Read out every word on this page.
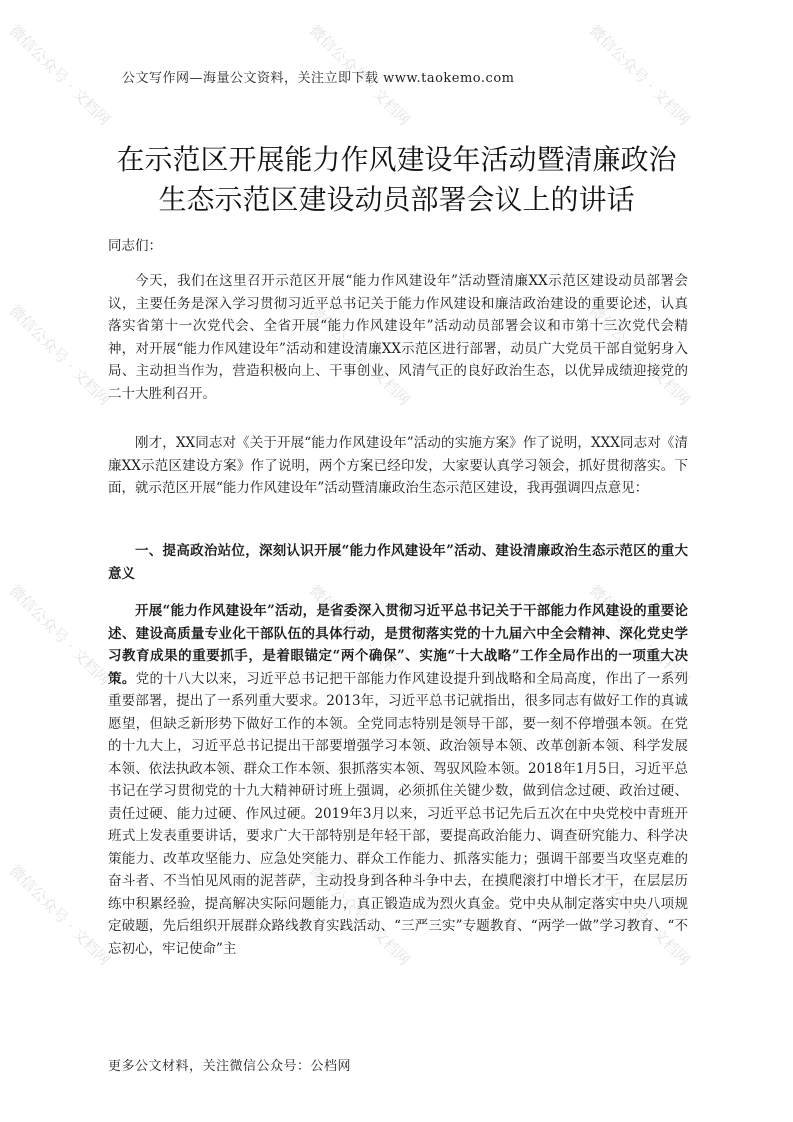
微信公众号 · 文档网	微信公众号 · 文档网	微信公众号 · 文档网
微信公众号 · 文档网	微信公众号 · 文档网	微信公众号 · 文档网
微信公众号 · 文档网	微信公众号 · 文档网	微信公众号 · 文档网
微信公众号 · 文档网	微信公众号 · 文档网	微信公众号 · 文档网
公文写作网—海量公文资料，关注立即下载 www.taokemo.com
在示范区开展能力作风建设年活动暨清廉政治
生态示范区建设动员部署会议上的讲话
同志们：

今天，我们在这里召开示范区开展“能力作风建设年”活动暨清廉XX示范区建设动员部署会议，主要任务是深入学习贯彻习近平总书记关于能力作风建设和廉洁政治建设的重要论述，认真落实省第十一次党代会、全省开展“能力作风建设年”活动动员部署会议和市第十三次党代会精神，对开展“能力作风建设年”活动和建设清廉XX示范区进行部署，动员广大党员干部自觉躬身入局、主动担当作为，营造积极向上、干事创业、风清气正的良好政治生态，以优异成绩迎接党的二十大胜利召开。

刚才，XX同志对《关于开展“能力作风建设年”活动的实施方案》作了说明，XXX同志对《清廉XX示范区建设方案》作了说明，两个方案已经印发，大家要认真学习领会，抓好贯彻落实。下面，就示范区开展“能力作风建设年”活动暨清廉政治生态示范区建设，我再强调四点意见：

一、提高政治站位，深刻认识开展“能力作风建设年”活动、建设清廉政治生态示范区的重大意义

开展“能力作风建设年”活动，是省委深入贯彻习近平总书记关于干部能力作风建设的重要论述、建设高质量专业化干部队伍的具体行动，是贯彻落实党的十九届六中全会精神、深化党史学习教育成果的重要抓手，是着眼锚定“两个确保”、实施“十大战略”工作全局作出的一项重大决策。党的十八大以来，习近平总书记把干部能力作风建设提升到战略和全局高度，作出了一系列重要部署，提出了一系列重大要求。2013年，习近平总书记就指出，很多同志有做好工作的真诚愿望，但缺乏新形势下做好工作的本领。全党同志特别是领导干部，要一刻不停增强本领。在党的十九大上，习近平总书记提出干部要增强学习本领、政治领导本领、改革创新本领、科学发展本领、依法执政本领、群众工作本领、狠抓落实本领、驾驭风险本领。2018年1月5日，习近平总书记在学习贯彻党的十九大精神研讨班上强调，必须抓住关键少数，做到信念过硬、政治过硬、责任过硬、能力过硬、作风过硬。2019年3月以来，习近平总书记先后五次在中央党校中青班开班式上发表重要讲话，要求广大干部特别是年轻干部，要提高政治能力、调查研究能力、科学决策能力、改革攻坚能力、应急处突能力、群众工作能力、抓落实能力；强调干部要当攻坚克难的奋斗者、不当怕见风雨的泥菩萨，主动投身到各种斗争中去，在摸爬滚打中增长才干，在层层历练中积累经验，提高解决实际问题能力，真正锻造成为烈火真金。党中央从制定落实中央八项规定破题，先后组织开展群众路线教育实践活动、“三严三实”专题教育、“两学一做”学习教育、“不忘初心，牢记使命”主

更多公文材料，关注微信公众号：公档网
